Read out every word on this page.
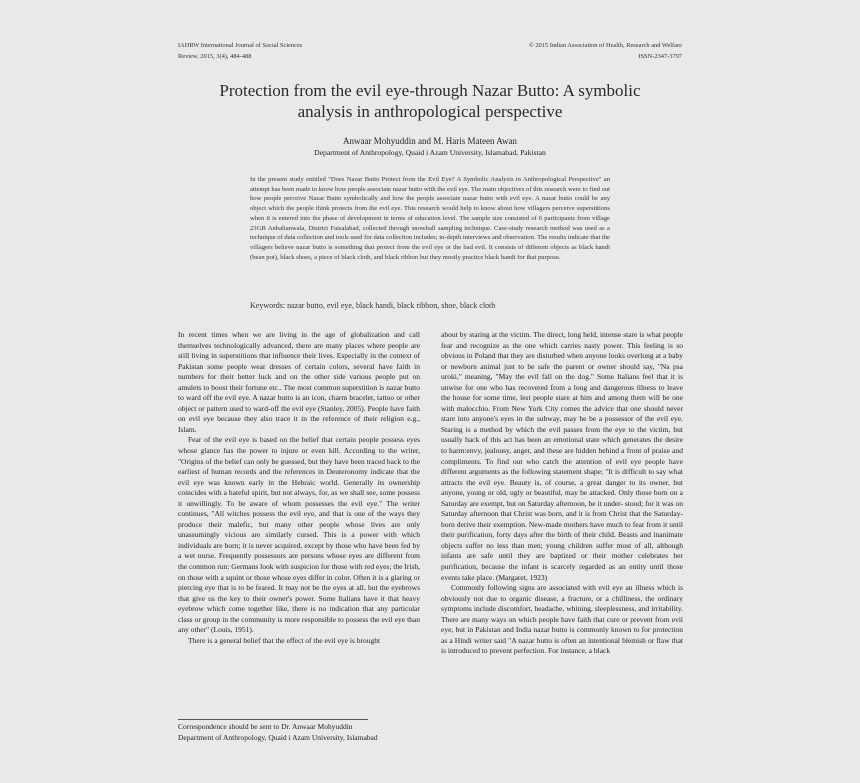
IAHRW International Journal of Social Sciences
Review, 2015, 3(4), 484-488
© 2015 Indian Association of Health, Research and Welfare
ISSN-2347-3797
Protection from the evil eye-through Nazar Butto: A symbolic analysis in anthropological perspective
Anwaar Mohyuddin and M. Haris Mateen Awan
Department of Anthropology, Quaid i Azam University, Islamabad, Pakistan

In the present study entitled "Does Nazar Butto Protect from the Evil Eye? A Symbolic Analysis in Anthropological Perspective" an attempt has been made to know how people associate nazar butto with the evil eye. The main objectives of this research were to find out how people perceive Nazar Butto symbolically and how the people associate nazar butto with evil eye. A nazar butto could be any object which the people think protects from the evil eye. This research would help to know about how villagers perceive superstitions when it is entered into the phase of development in terms of education level. The sample size consisted of 6 participants from village 23GB Anbalianwala, District Faisalabad, collected through snowball sampling technique. Case-study research method was used as a technique of data collection and tools used for data collection includes; in-depth interviews and observation. The results indicate that the villagers believe nazar butto is something that protect from the evil eye or the bad evil. It consists of different objects as black handi (bean pot), black shoes, a piece of black cloth, and black ribbon but they mostly practice black handi for that purpose.

Keywords: nazar butto, evil eye, black handi, black ribbon, shoe, black cloth

In recent times when we are living in the age of globalization and call themselves technologically advanced, there are many places where people are still living in superstitions that influence their lives. Especially in the context of Pakistan some people wear dresses of certain colors, several have faith in numbers for their better luck and on the other side various people put on amulets to boost their fortune etc.. The most common superstition is nazar butto to ward off the evil eye. A nazar butto is an icon, charm bracelet, tattoo or other object or pattern used to ward-off the evil eye (Stanley, 2005). People have faith on evil eye because they also trace it in the reference of their religion e.g., Islam.

Fear of the evil eye is based on the belief that certain people possess eyes whose glance has the power to injure or even kill. According to the writer, "Origins of the belief can only be guessed, but they have been traced back to the earliest of human records and the references in Deuteronomy indicate that the evil eye was known early in the Hebraic world. Generally its ownership coincides with a hateful spirit, but not always, for, as we shall see, some possess it unwillingly. To be aware of whom possesses the evil eye." The writer continues, "All witches possess the evil eye, and that is one of the ways they produce their malefic, but many other people whose lives are only unassumingly vicious are similarly cursed. This is a power with which individuals are born; it is never acquired, except by those who have been fed by a wet nurse. Frequently possessors are persons whose eyes are different from the common run: Germans look with suspicion for those with red eyes; the Irish, on those with a squint or those whose eyes differ in color. Often it is a glaring or piercing eye that is to be feared. It may not be the eyes at all, but the eyebrows that give us the key to their owner's power. Some Italians have it that heavy eyebrow which come together like, there is no indication that any particular class or group in the community is more responsible to possess the evil eye than any other" (Louis, 1951).

There is a general belief that the effect of the evil eye is brought

about by staring at the victim. The direct, long held, intense stare is what people fear and recognize as the one which carries nasty power. This feeling is so obvious in Poland that they are disturbed when anyone looks overlong at a baby or newborn animal just to be safe the parent or owner should say, "Na psa uroki," meaning, "May the evil fall on the dog." Some Italians feel that it is unwise for one who has recovered from a long and dangerous illness to leave the house for some time, lest people stare at him and among them will be one with malocchio. From New York City comes the advice that one should never stare into anyone's eyes in the subway, may he be a possessor of the evil eye. Staring is a method by which the evil passes from the eye to the victim, but usually back of this act has been an emotional state which generates the desire to harm:envy, jealousy, anger, and these are hidden behind a front of praise and compliments. To find out who catch the attention of evil eye people have different arguments as the following statement shape; "It is difficult to say what attracts the evil eye. Beauty is, of course, a great danger to its owner, but anyone, young or old, ugly or beautiful, may be attacked. Only those born on a Saturday are exempt, but on Saturday afternoon, be it under- stood; for it was on Saturday afternoon that Christ was born, and it is from Christ that the Saturday-born derive their exemption. New-made mothers have much to fear from it until their purification, forty days after the birth of their child. Beasts and inanimate objects suffer no less than men; young children suffer most of all, although infants are safe until they are baptized or their mother celebrates her purification, because the infant is scarcely regarded as an entity until those events take place. (Margaret, 1923)

Commonly following signs are associated with evil eye an illness which is obviously not due to organic disease, a fracture, or a chilliness, the ordinary symptoms include discomfort, headache, whining, sleeplessness, and irritability. There are many ways on which people have faith that cure or prevent from evil eye, but in Pakistan and India nazar butto is commonly known to for protection as a Hindi writer said "A nazar butto is often an intentional blemish or flaw that is introduced to prevent perfection. For instance, a black

Correspondence should be sent to Dr. Anwaar Mohyuddin
Department of Anthropology, Quaid i Azam University, Islamabad
